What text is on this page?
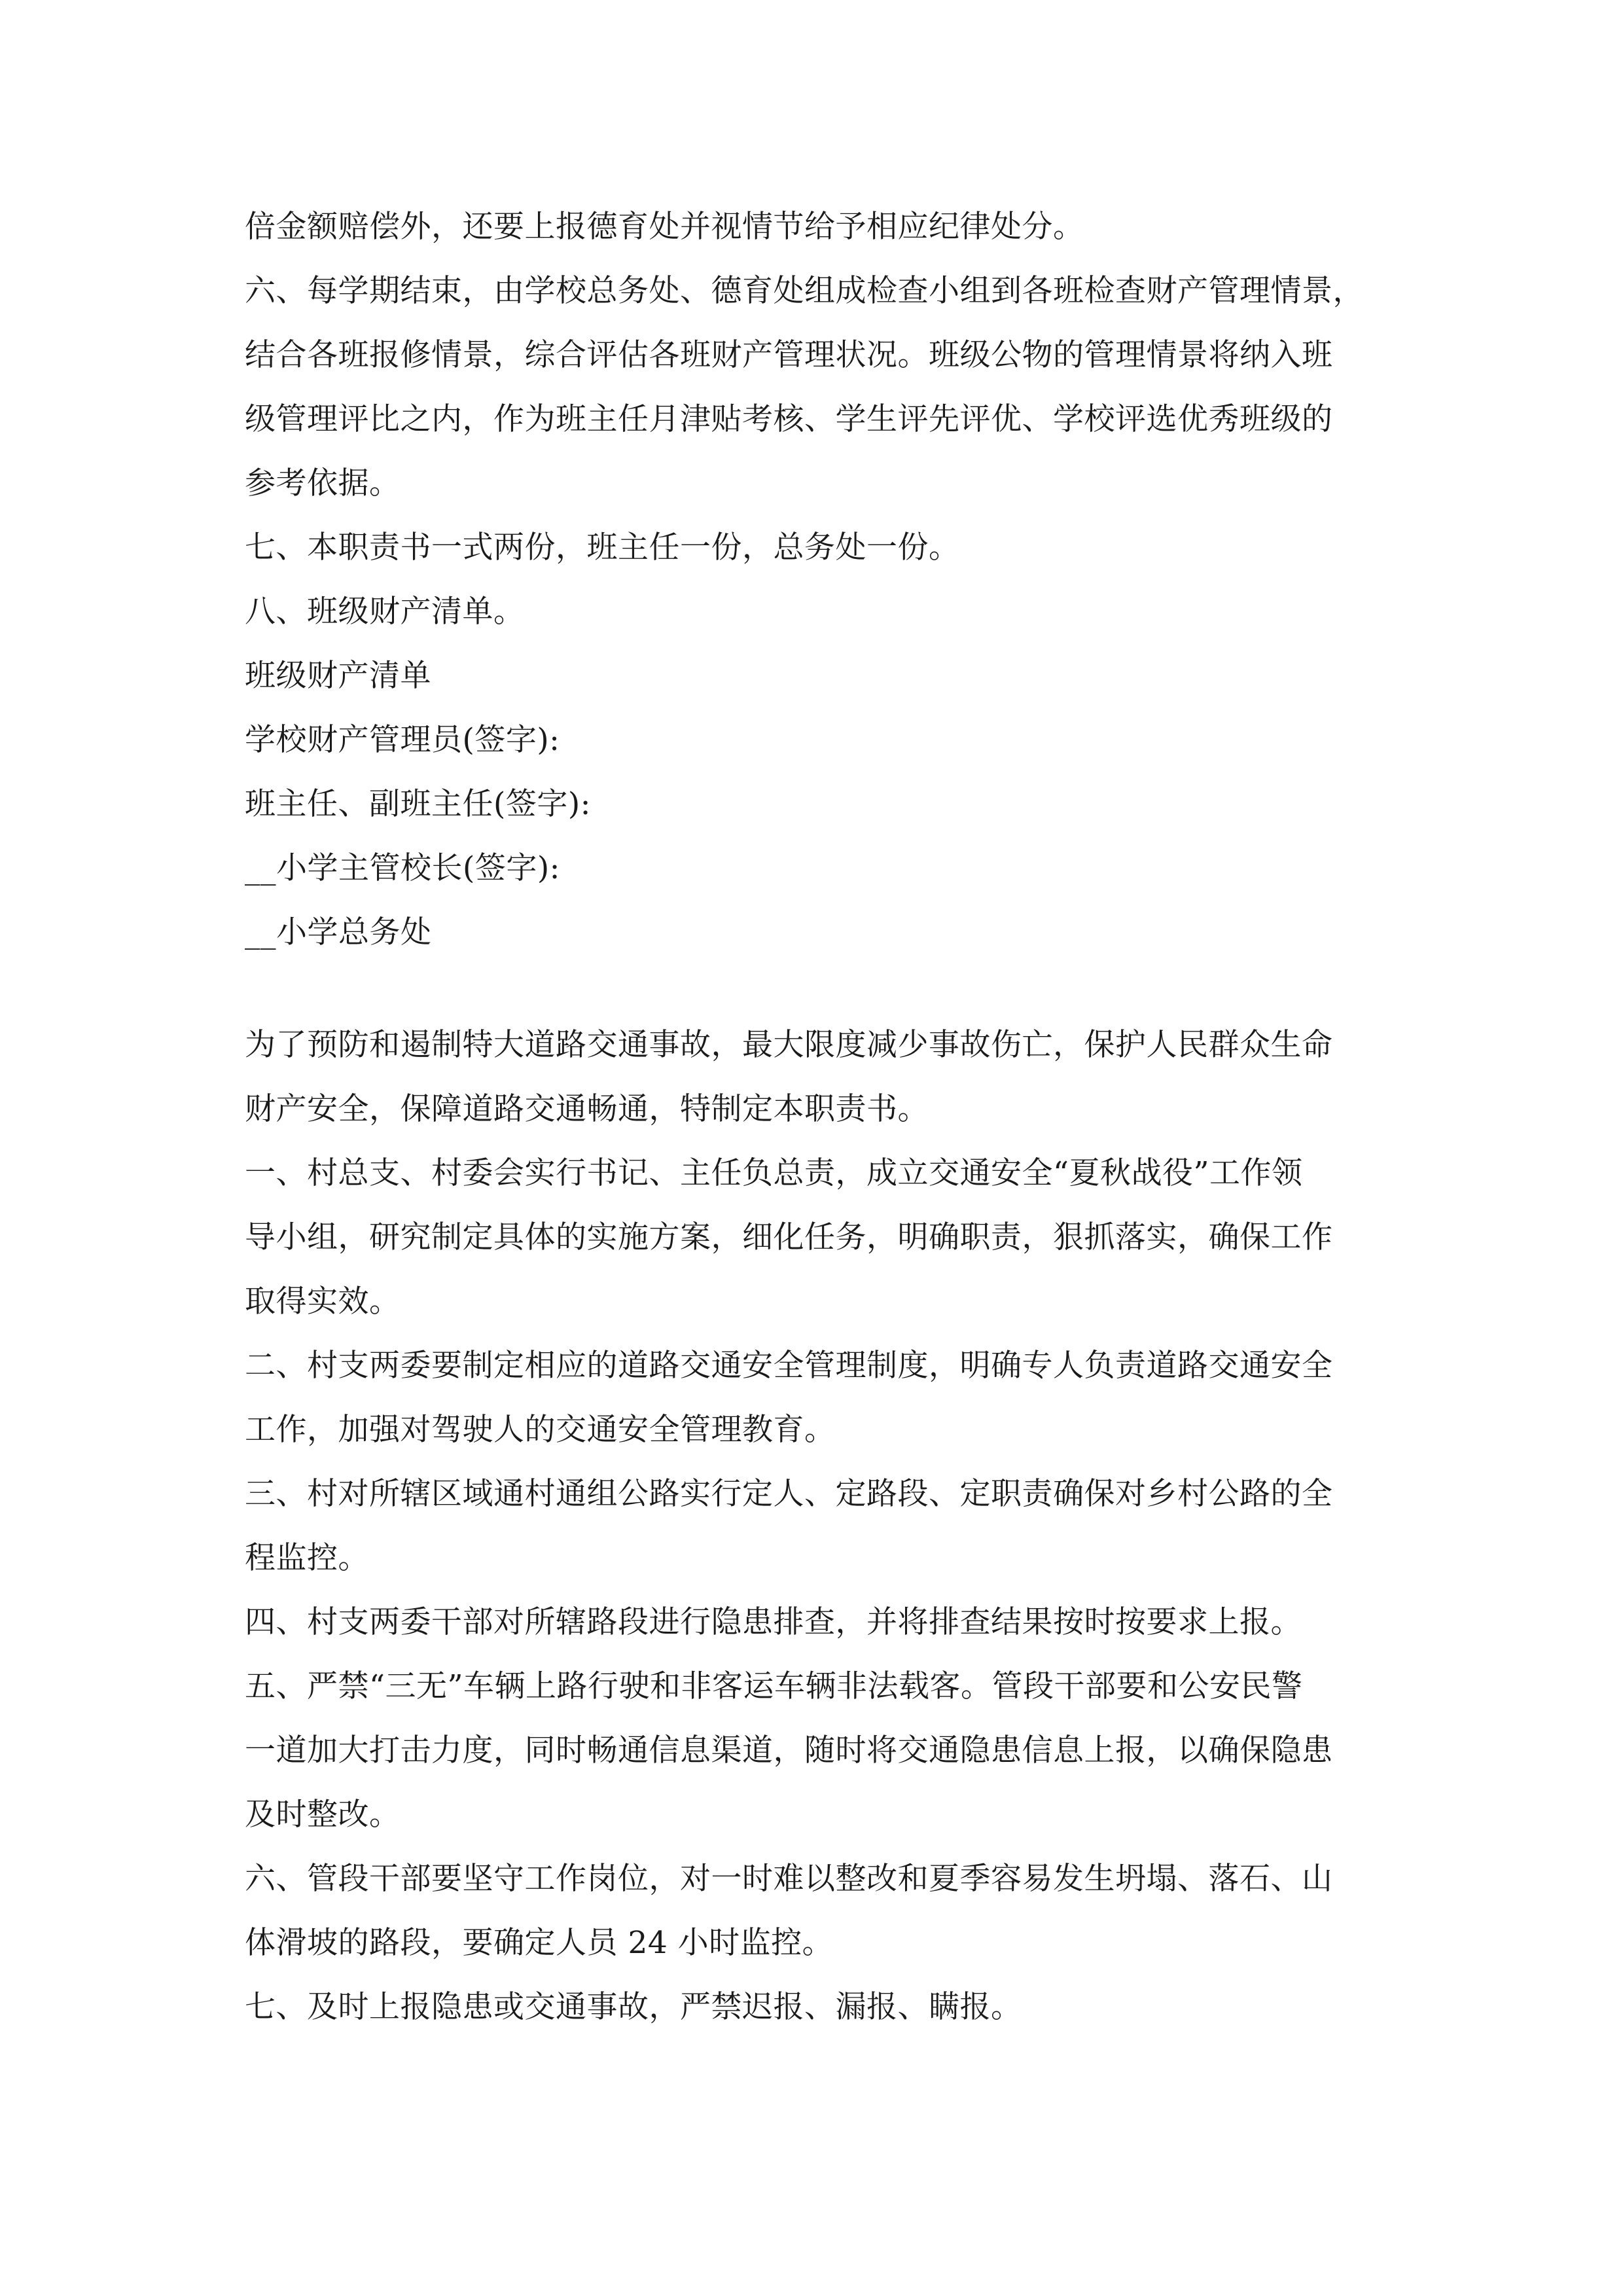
倍金额赔偿外，还要上报德育处并视情节给予相应纪律处分。
六、每学期结束，由学校总务处、德育处组成检查小组到各班检查财产管理情景，
结合各班报修情景，综合评估各班财产管理状况。班级公物的管理情景将纳入班
级管理评比之内，作为班主任月津贴考核、学生评先评优、学校评选优秀班级的
参考依据。
七、本职责书一式两份，班主任一份，总务处一份。
八、班级财产清单。
班级财产清单
学校财产管理员(签字):
班主任、副班主任(签字):
__小学主管校长(签字):
__小学总务处
为了预防和遏制特大道路交通事故，最大限度减少事故伤亡，保护人民群众生命
财产安全，保障道路交通畅通，特制定本职责书。
一、村总支、村委会实行书记、主任负总责，成立交通安全“夏秋战役”工作领
导小组，研究制定具体的实施方案，细化任务，明确职责，狠抓落实，确保工作
取得实效。
二、村支两委要制定相应的道路交通安全管理制度，明确专人负责道路交通安全
工作，加强对驾驶人的交通安全管理教育。
三、村对所辖区域通村通组公路实行定人、定路段、定职责确保对乡村公路的全
程监控。
四、村支两委干部对所辖路段进行隐患排查，并将排查结果按时按要求上报。
五、严禁“三无”车辆上路行驶和非客运车辆非法载客。管段干部要和公安民警
一道加大打击力度，同时畅通信息渠道，随时将交通隐患信息上报，以确保隐患
及时整改。
六、管段干部要坚守工作岗位，对一时难以整改和夏季容易发生坍塌、落石、山
体滑坡的路段，要确定人员 24 小时监控。
七、及时上报隐患或交通事故，严禁迟报、漏报、瞒报。
